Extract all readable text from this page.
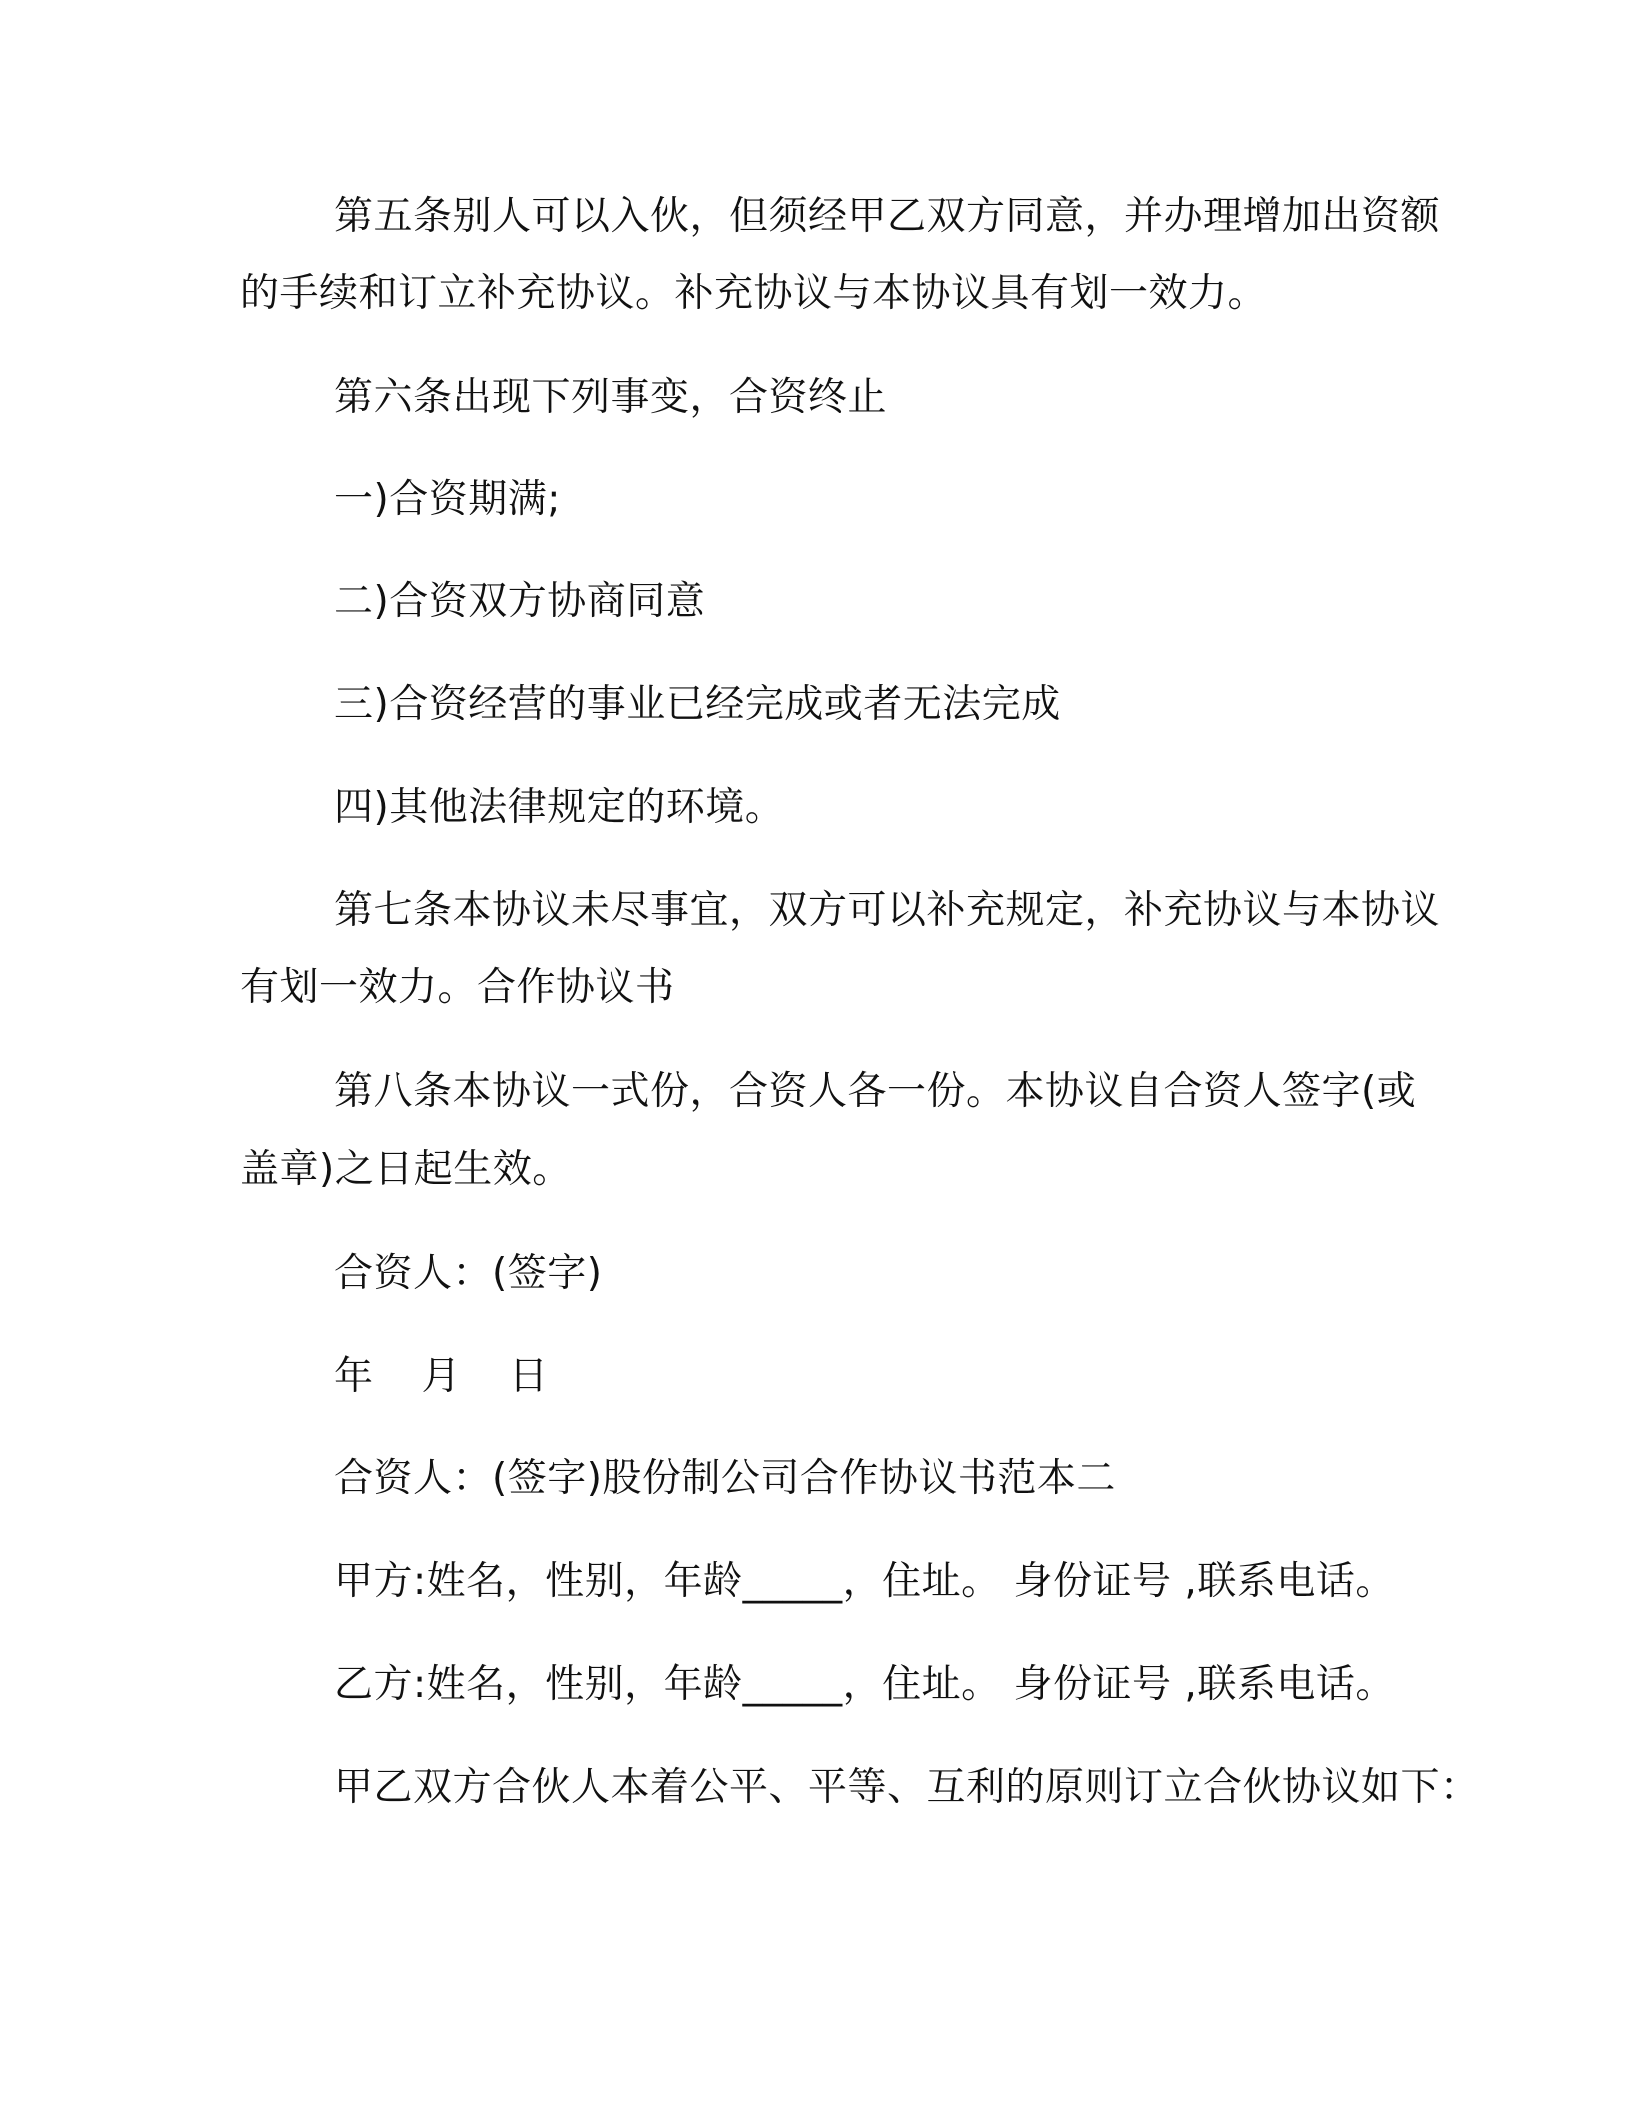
第五条别人可以入伙，但须经甲乙双方同意，并办理增加出资额
的手续和订立补充协议。补充协议与本协议具有划一效力。
第六条出现下列事变，合资终止
一)合资期满;
二)合资双方协商同意
三)合资经营的事业已经完成或者无法完成
四)其他法律规定的环境。
第七条本协议未尽事宜，双方可以补充规定，补充协议与本协议
有划一效力。合作协议书
第八条本协议一式份，合资人各一份。本协议自合资人签字(或
盖章)之日起生效。
合资人：(签字)
年 月 日
合资人：(签字)股份制公司合作协议书范本二
甲方:姓名，性别，年龄_____，住址。 身份证号 ,联系电话。
乙方:姓名，性别，年龄_____，住址。 身份证号 ,联系电话。
甲乙双方合伙人本着公平、平等、互利的原则订立合伙协议如下：
